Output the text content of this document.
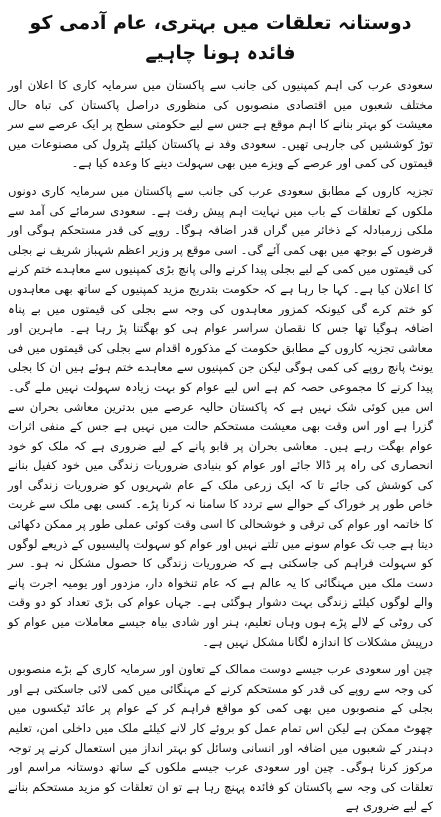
دوستانہ تعلقات میں بہتری، عام آدمی کو فائدہ ہونا چاہیے

سعودی عرب کی اہم کمپنیوں کی جانب سے پاکستان میں سرمایہ کاری کا اعلان اور مختلف شعبوں میں اقتصادی منصوبوں کی منظوری دراصل پاکستان کی تباہ حال معیشت کو بہتر بنانے کا اہم موقع ہے جس سے لیے حکومتی سطح پر ایک عرصے سے سر توڑ کوششیں کی جارہی تھیں۔ سعودی وفد نے پاکستان کیلئے پٹرول کی مصنوعات میں قیمتوں کی کمی اور عرصے کے ویزے میں بھی سہولت دینے کا وعدہ کیا ہے۔

تجزیہ کاروں کے مطابق سعودی عرب کی جانب سے پاکستان میں سرمایہ کاری دونوں ملکوں کے تعلقات کے باب میں نہایت اہم پیش رفت ہے۔ سعودی سرمائے کی آمد سے ملکی زرمبادلہ کے ذخائر میں گراں قدر اضافہ ہوگا۔ روپے کی قدر مستحکم ہوگی اور قرضوں کے بوجھ میں بھی کمی آئے گی۔ اسی موقع پر وزیر اعظم شہباز شریف نے بجلی کی قیمتوں میں کمی کے لیے بجلی پیدا کرنے والی پانچ بڑی کمپنیوں سے معاہدے ختم کرنے کا اعلان کیا ہے۔ کہا جا رہا ہے کہ حکومت بتدریج مزید کمپنیوں کے ساتھ بھی معاہدوں کو ختم کرے گی کیونکہ کمزور معاہدوں کی وجہ سے بجلی کی قیمتوں میں بے پناہ اضافہ ہوگیا تھا جس کا نقصان سراسر عوام ہی کو بھگتنا پڑ رہا ہے۔ ماہرین اور معاشی تجزیہ کاروں کے مطابق حکومت کے مذکورہ اقدام سے بجلی کی قیمتوں میں فی یونٹ پانچ روپے کی کمی ہوگی لیکن جن کمپنیوں سے معاہدے ختم ہوئے ہیں ان کا بجلی پیدا کرنے کا مجموعی حصہ کم ہے اس لیے عوام کو بہت زیادہ سہولت نہیں ملے گی۔ اس میں کوئی شک نہیں ہے کہ پاکستان حالیہ عرصے میں بدترین معاشی بحران سے گزرا ہے اور اس وقت بھی معیشت مستحکم حالت میں نہیں ہے جس کے منفی اثرات عوام بھگت رہے ہیں۔ معاشی بحران پر قابو پانے کے لیے ضروری ہے کہ ملک کو خود انحصاری کی راہ پر ڈالا جائے اور عوام کو بنیادی ضروریات زندگی میں خود کفیل بنانے کی کوشش کی جائے تا کہ ایک زرعی ملک کے عام شہریوں کو ضروریات زندگی اور خاص طور پر خوراک کے حوالے سے تردد کا سامنا نہ کرنا پڑے۔ کسی بھی ملک سے غربت کا خاتمہ اور عوام کی ترقی و خوشحالی کا اسی وقت کوئی عملی طور پر ممکن دکھائی دیتا ہے جب تک عوام سونے میں تلتے نہیں اور عوام کو سہولت پالیسیوں کے ذریعے لوگوں کو سہولت فراہم کی جاسکتی ہے کہ ضروریات زندگی کا حصول مشکل نہ ہو۔ سر دست ملک میں مہنگائی کا یہ عالم ہے کہ عام تنخواہ دار، مزدور اور یومیہ اجرت پانے والے لوگوں کیلئے زندگی بہت دشوار ہوگئی ہے۔ جہاں عوام کی بڑی تعداد کو دو وقت کی روٹی کے لالے پڑے ہوں وہاں تعلیم، ہنر اور شادی بیاہ جیسے معاملات میں عوام کو درپیش مشکلات کا اندازہ لگانا مشکل نہیں ہے۔

چین اور سعودی عرب جیسے دوست ممالک کے تعاون اور سرمایہ کاری کے بڑے منصوبوں کی وجہ سے روپے کی قدر کو مستحکم کرنے کے مہنگائی میں کمی لائی جاسکتی ہے اور بجلی کے منصوبوں میں بھی کمی کو مواقع فراہم کر کے عوام پر عائد ٹیکسوں میں چھوٹ ممکن ہے لیکن اس تمام عمل کو بروئے کار لانے کیلئے ملک میں داخلی امن، تعلیم دہندر کے شعبوں میں اضافہ اور انسانی وسائل کو بہتر انداز میں استعمال کرنے پر توجہ مرکوز کرنا ہوگی۔ چین اور سعودی عرب جیسے ملکوں کے ساتھ دوستانہ مراسم اور تعلقات کی وجہ سے پاکستان کو فائدہ پہنچ رہا ہے تو ان تعلقات کو مزید مستحکم بنانے کے لیے ضروری ہے
